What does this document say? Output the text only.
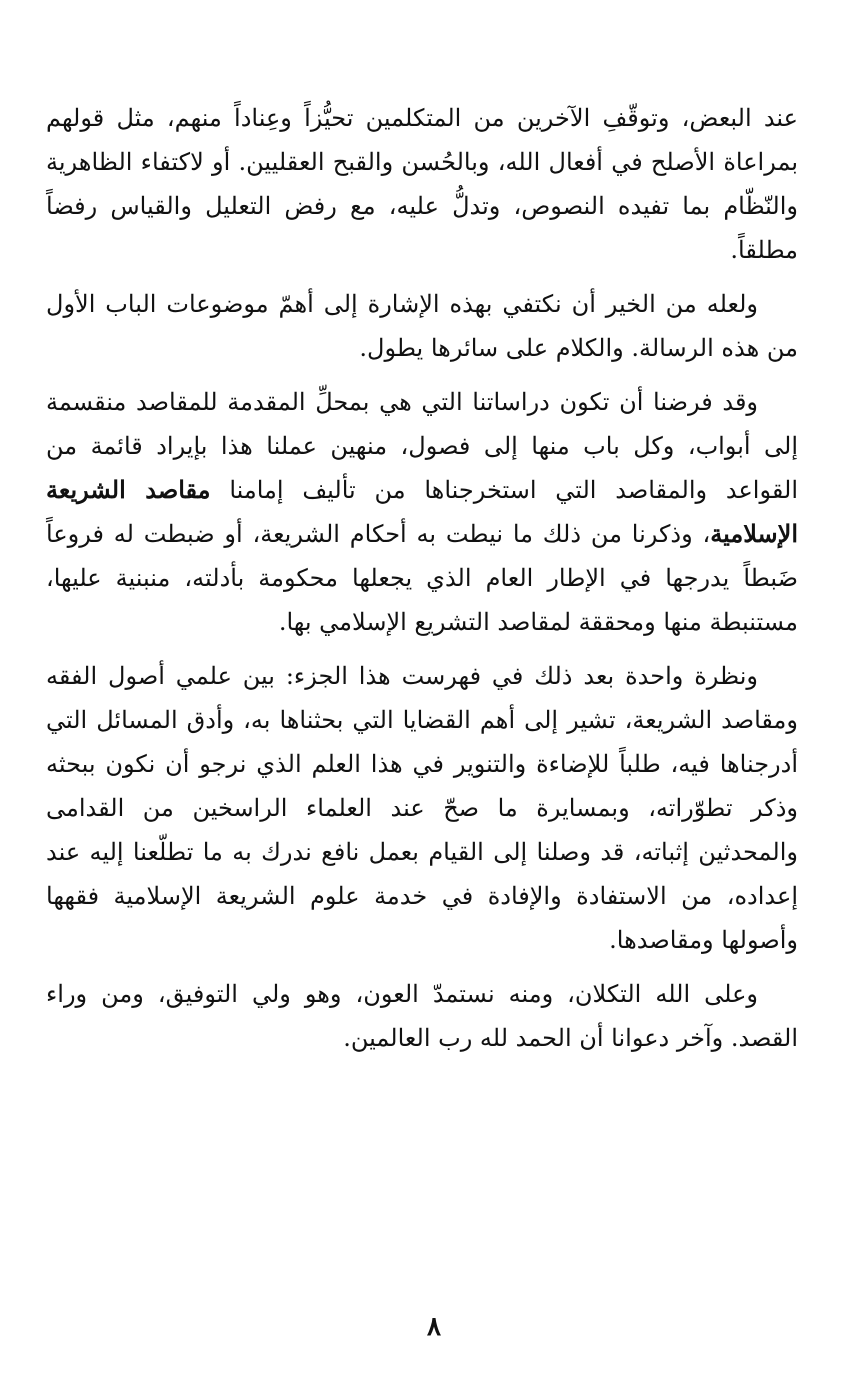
عند البعض، وتوقّفِ الآخرين من المتكلمين تحيُّزاً وعِناداً منهم، مثل قولهم بمراعاة الأصلح في أفعال الله، وبالحُسن والقبح العقليين. أو لاكتفاء الظاهرية والنّظّام بما تفيده النصوص، وتدلُّ عليه، مع رفض التعليل والقياس رفضاً مطلقاً.

ولعله من الخير أن نكتفي بهذه الإشارة إلى أهمّ موضوعات الباب الأول من هذه الرسالة. والكلام على سائرها يطول.

وقد فرضنا أن تكون دراساتنا التي هي بمحلِّ المقدمة للمقاصد منقسمة إلى أبواب، وكل باب منها إلى فصول، منهين عملنا هذا بإيراد قائمة من القواعد والمقاصد التي استخرجناها من تأليف إمامنا مقاصد الشريعة الإسلامية، وذكرنا من ذلك ما نيطت به أحكام الشريعة، أو ضبطت له فروعاً ضَبطاً يدرجها في الإطار العام الذي يجعلها محكومة بأدلته، منبنية عليها، مستنبطة منها ومحققة لمقاصد التشريع الإسلامي بها.

ونظرة واحدة بعد ذلك في فهرست هذا الجزء: بين علمي أصول الفقه ومقاصد الشريعة، تشير إلى أهم القضايا التي بحثناها به، وأدق المسائل التي أدرجناها فيه، طلباً للإضاءة والتنوير في هذا العلم الذي نرجو أن نكون ببحثه وذكر تطوّراته، وبمسايرة ما صحّ عند العلماء الراسخين من القدامى والمحدثين إثباته، قد وصلنا إلى القيام بعمل نافع ندرك به ما تطلّعنا إليه عند إعداده، من الاستفادة والإفادة في خدمة علوم الشريعة الإسلامية فقهها وأصولها ومقاصدها.

وعلى الله التكلان، ومنه نستمدّ العون، وهو ولي التوفيق، ومن وراء القصد. وآخر دعوانا أن الحمد لله رب العالمين.

٨
